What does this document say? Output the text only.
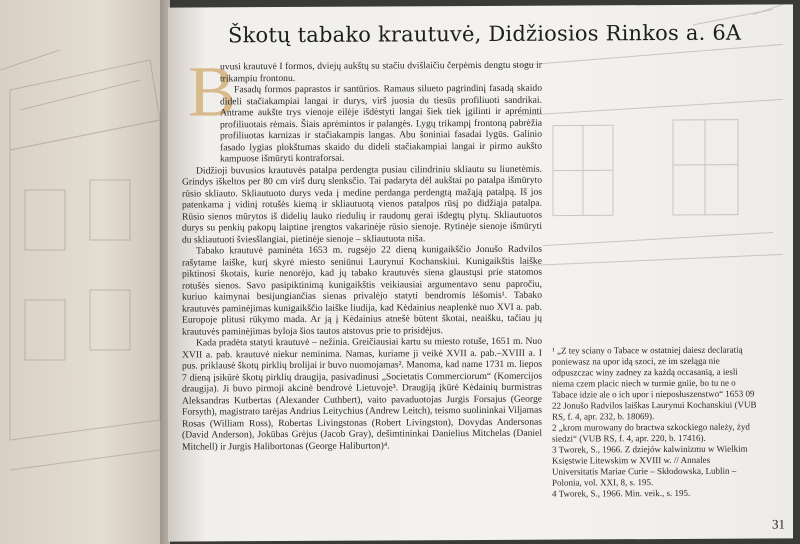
Škotų tabako krautuvė, Didžiosios Rinkos a. 6A
B

uvusi krautuvė I formos, dviejų aukštų su stačiu dvišlaičiu čerpėmis dengtu stogu ir trikampiu frontonu.

Fasadų formos paprastos ir santūrios. Ramaus siluetо pagrindinį fasadą skaido dideli stačiakampiai langai ir durys, virš juosia du tiesūs profiliuoti sandrikai. Antrame aukšte trys vienoje eilėje išdėstyti langai šiek tiek įgilinti ir apréminti profiliuotais rėmais. Šiais aprėmintos ir palangės. Lygų trikampį frontoną pabrėžia profiliuotas karnizas ir stačiakampis langas. Abu šoniniai fasadai lygūs. Galinio fasado lygias plokštumas skaido du dideli stačiakampiai langai ir pirmo aukšto kampuose išmūryti kontraforsai.

Didžioji buvusios krautuvės patalpa perdengta pusiau cilindriniu skliautu su liunetėmis. Grindys iškeltos per 80 cm virš durų slenksčio. Tai padaryta dėl aukštai po patalpa išmūryto rūsio skliauto. Skliautuoto durys veda į medine perdanga perdengtą mažąją patalpą. Iš jos patenkama į vidinį rotušės kiemą ir skliautuotą vienos patalpos rūsį po didžiąja patalpa. Rūsio sienos mūrytos iš didelių lauko riedulių ir raudonų gerai išdegtų plytų. Skliautuotos durys su penkių pakopų laiptine įrengtos vakarinėje rūsio sienoje. Rytinėje sienoje išmūryti du skliautuoti šviesšlangiai, pietinėje sienoje – skliautuota niša.

Tabako krautuvė paminėta 1653 m. rugsėjo 22 dieną kunigaikščio Jonušo Radvilos rašytame laiške, kurį skyrė miesto seniūnui Laurynui Kochanskiui. Kunigaikštis laiške piktinosi škotais, kurie nenorėjo, kad jų tabako krautuvės siena glaustųsi prie statomos rotušės sienos. Savo pasipiktinimą kunigaikštis veikiausiai argumentavo senu papročiu, kuriuo kaimynai besijungiančias sienas privalėjo statyti bendromis lėšomis¹. Tabako krautuvės paminėjimas kunigaikščio laiške liudija, kad Kėdainius neaplenkė nuo XVI a. pab. Europoje plitusi rūkymo mada. Ar ją į Kėdainius atnešė būtent škotai, neaišku, tačiau jų krautuvės paminėjimas byloja šios tautos atstovus prie to prisidėjus.

Kada pradėta statyti krautuvė – nežinia. Greičiausiai kartu su miesto rotuše, 1651 m. Nuo XVII a. pab. krautuvė niekur neminima. Namas, kuriame ji veikė XVII a. pab.–XVIII a. I pus. priklausė škotų pirklių brolijai ir buvo nuomojamas². Manoma, kad name 1731 m. liepos 7 dieną įsikūrė škotų pirklių draugija, pasivadinusi „Societatis Commerciorum“ (Komercijos draugija). Ji buvo pirmoji akcinė bendrovė Lietuvoje³. Draugiją įkūrė Kėdainių burmistras Aleksandras Kutbertas (Alexander Cuthbert), vaito pavaduotojas Jurgis Forsajus (George Forsyth), magistrato tarėjas Andrius Leitychius (Andrew Leitch), teismo suolininkai Viljamas Rosas (William Ross), Robertas Livingstonas (Robert Livingston), Dovydas Andersonas (David Anderson), Jokūbas Grėjus (Jacob Gray), dešimtininkai Danielius Mitchelas (Daniel Mitchell) ir Jurgis Halibortonas (George Haliburton)⁴.

¹ „Z tey sciany o Tabace w ostatniej daiesz declaratią poniewasz na upor idą szoci, ze im szeląga nie odpuszczac winy zadney za każdą occasanią, a iesli niema czem placic niech w turmie gniie, bo tu ne o Tabace idzie ale o ich upor i nieposłuszenstwo“ 1653 09 22 Jonušo Radvilos laiškas Laurynui Kochanskiui (VUB RS, f. 4, apr. 232, b. 18069).

2 „krom murowany do bractwa szkockiego należy, żyd siedzi“ (VUB RS, f. 4, apr. 220, b. 17416).

3 Tworek, S., 1966. Z dziejów kalwinizmu w Wielkim Księstwie Litewskim w XVIII w. // Annales Universitatis Mariae Curie – Skłodowska, Lublin – Polonia, vol. XXI, 8, s. 195.

4 Tworek, S., 1966. Min. veik., s. 195.

31
